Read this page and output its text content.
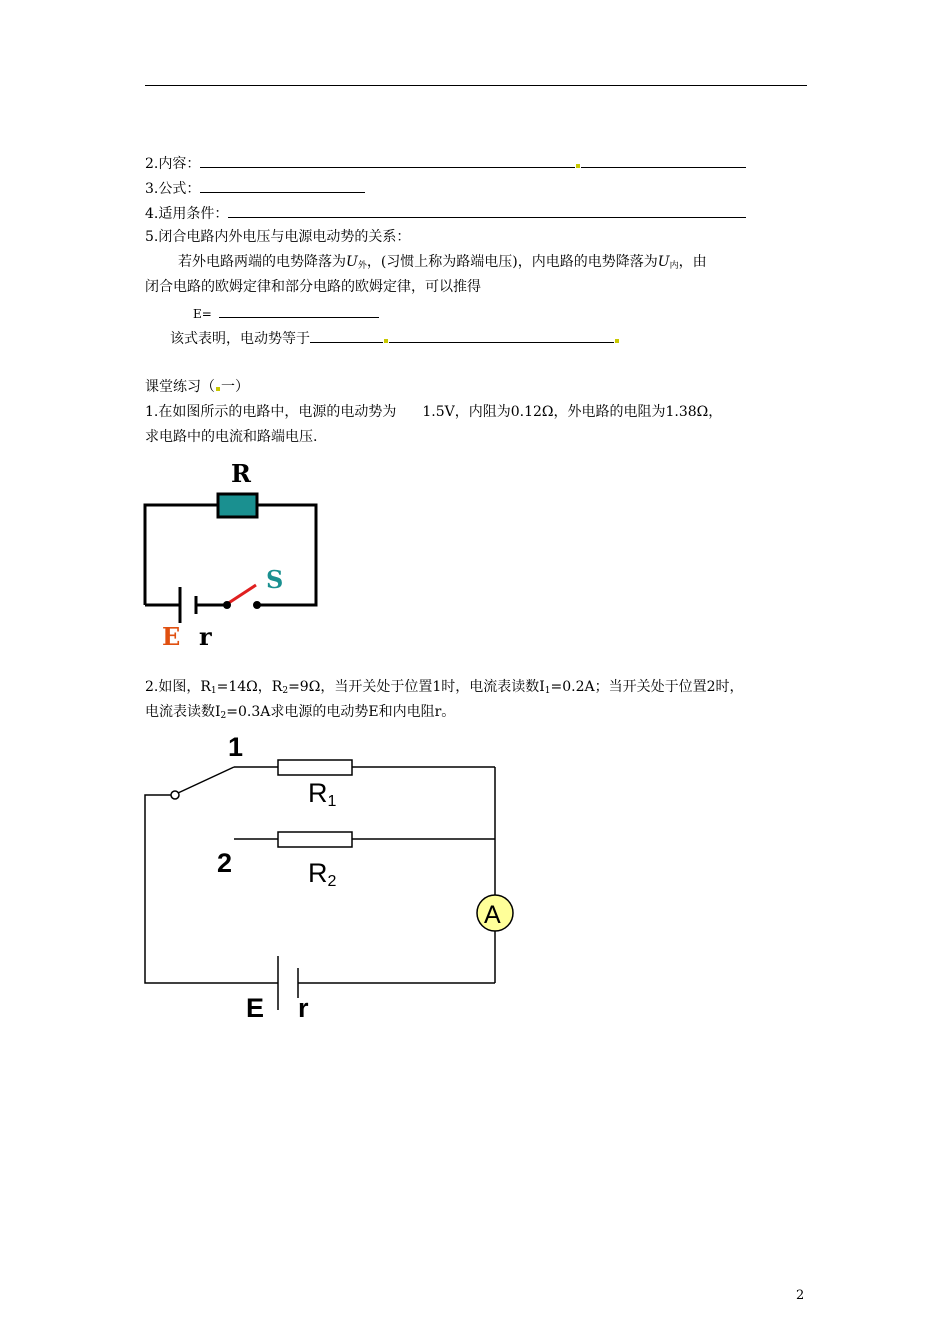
2.内容：
3.公式：
4.适用条件：
5.闭合电路内外电压与电源电动势的关系：
若外电路两端的电势降落为$U_外$，(习惯上称为路端电压)，内电路的电势降落为$U_内$，由
闭合电路的欧姆定律和部分电路的欧姆定律，可以推得
E=
该式表明，电动势等于
课堂练习（ 一）
1.在如图所示的电路中，电源的电动势为 1.5V，内阻为0.12Ω，外电路的电阻为1.38Ω，
求电路中的电流和路端电压.
R
S
E r
2.如图，$R_1=14\Omega$，$R_2=9\Omega$，当开关处于位置1时，电流表读数$I_1=0.2A$；当开关处于位置2时，
电流表读数$I_2=0.3A$求电源的电动势E和内电阻r。
A
1
2
R1
R2
E r
2
